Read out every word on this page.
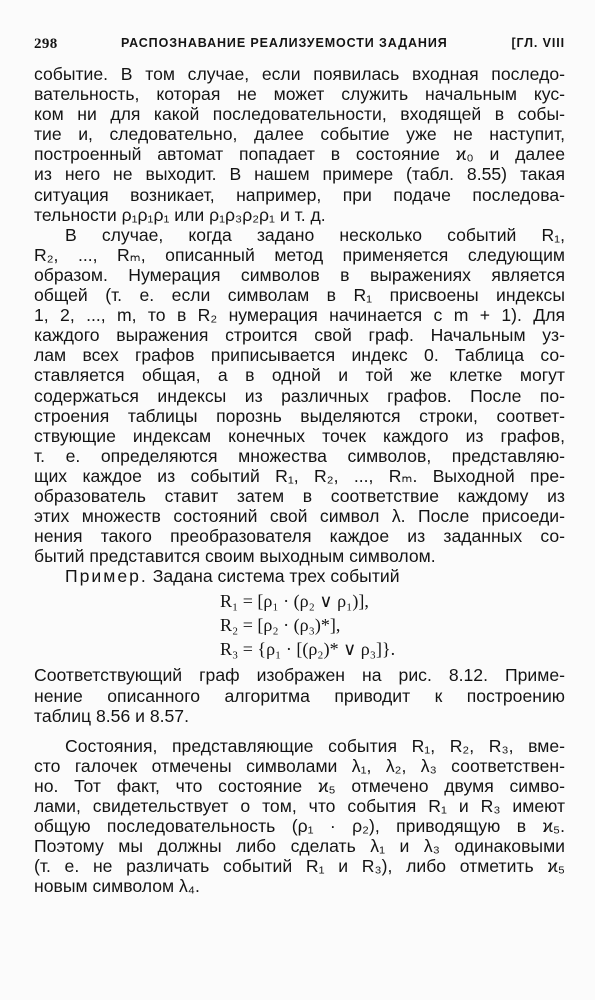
298	РАСПОЗНАВАНИЕ РЕАЛИЗУЕМОСТИ ЗАДАНИЯ	[ГЛ. VIII

событие. В том случае, если появилась входная последо-
вательность, которая не может служить начальным кус-
ком ни для какой последовательности, входящей в собы-
тие и, следовательно, далее событие уже не наступит,
построенный автомат попадает в состояние ϰ₀ и далее
из него не выходит. В нашем примере (табл. 8.55) такая
ситуация возникает, например, при подаче последова-
тельности ρ₁ρ₁ρ₁ или ρ₁ρ₃ρ₂ρ₁ и т. д.

В случае, когда задано несколько событий R₁,
R₂, ..., Rₘ, описанный метод применяется следующим
образом. Нумерация символов в выражениях является
общей (т. е. если символам в R₁ присвоены индексы
1, 2, ..., m, то в R₂ нумерация начинается с m + 1). Для
каждого выражения строится свой граф. Начальным уз-
лам всех графов приписывается индекс 0. Таблица со-
ставляется общая, а в одной и той же клетке могут
содержаться индексы из различных графов. После по-
строения таблицы порознь выделяются строки, соответ-
ствующие индексам конечных точек каждого из графов,
т. е. определяются множества символов, представляю-
щих каждое из событий R₁, R₂, ..., Rₘ. Выходной пре-
образователь ставит затем в соответствие каждому из
этих множеств состояний свой символ λ. После присоеди-
нения такого преобразователя каждое из заданных со-
бытий представится своим выходным символом.

Пример. Задана система трех событий

R₁ = [ρ₁ · (ρ₂ ∨ ρ₁)],
R₂ = [ρ₂ · (ρ₃)*],
R₃ = {ρ₁ · [(ρ₂)* ∨ ρ₃]}.

Соответствующий граф изображен на рис. 8.12. Приме-
нение описанного алгоритма приводит к построению
таблиц 8.56 и 8.57.

Состояния, представляющие события R₁, R₂, R₃, вме-
сто галочек отмечены символами λ₁, λ₂, λ₃ соответствен-
но. Тот факт, что состояние ϰ₅ отмечено двумя симво-
лами, свидетельствует о том, что события R₁ и R₃ имеют
общую последовательность (ρ₁ · ρ₂), приводящую в ϰ₅.
Поэтому мы должны либо сделать λ₁ и λ₃ одинаковыми
(т. е. не различать событий R₁ и R₃), либо отметить ϰ₅
новым символом λ₄.
